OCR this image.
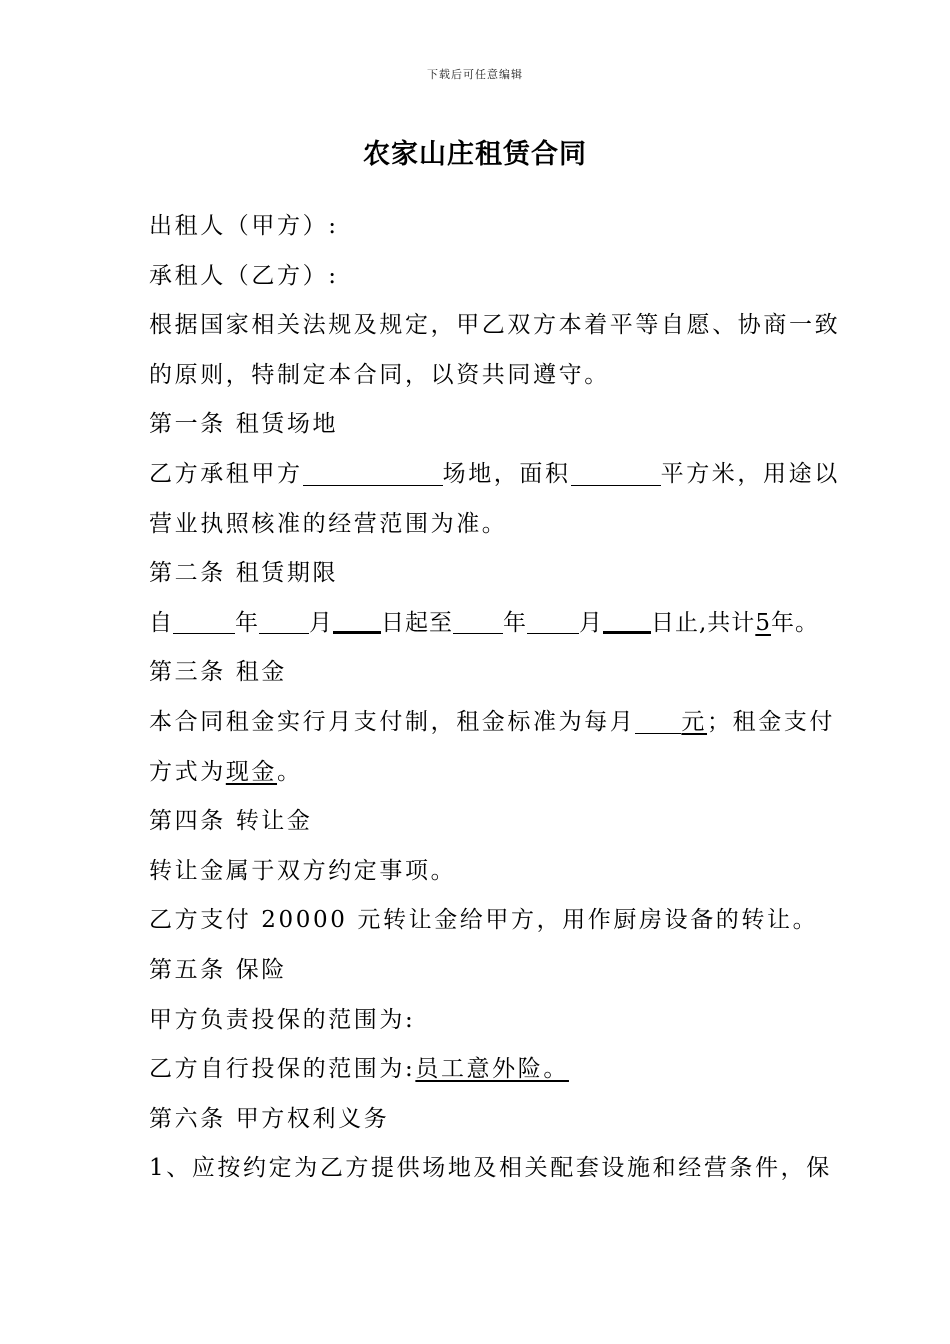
下载后可任意编辑
农家山庄租赁合同

出租人（甲方）:

承租人（乙方）:

根据国家相关法规及规定，甲乙双方本着平等自愿、协商一致的原则，特制定本合同，以资共同遵守。

第一条 租赁场地

乙方承租甲方	场地，面积	平方米，用途以营业执照核准的经营范围为准。

第二条 租赁期限

自	年 月 日起至 年 月 日止,共计5年。

第三条 租金

本合同租金实行月支付制，租金标准为每月 元；租金支付方式为现金。

第四条 转让金

转让金属于双方约定事项。

乙方支付 20000 元转让金给甲方，用作厨房设备的转让。

第五条 保险

甲方负责投保的范围为:

乙方自行投保的范围为:员工意外险。

第六条 甲方权利义务

1、应按约定为乙方提供场地及相关配套设施和经营条件，保
